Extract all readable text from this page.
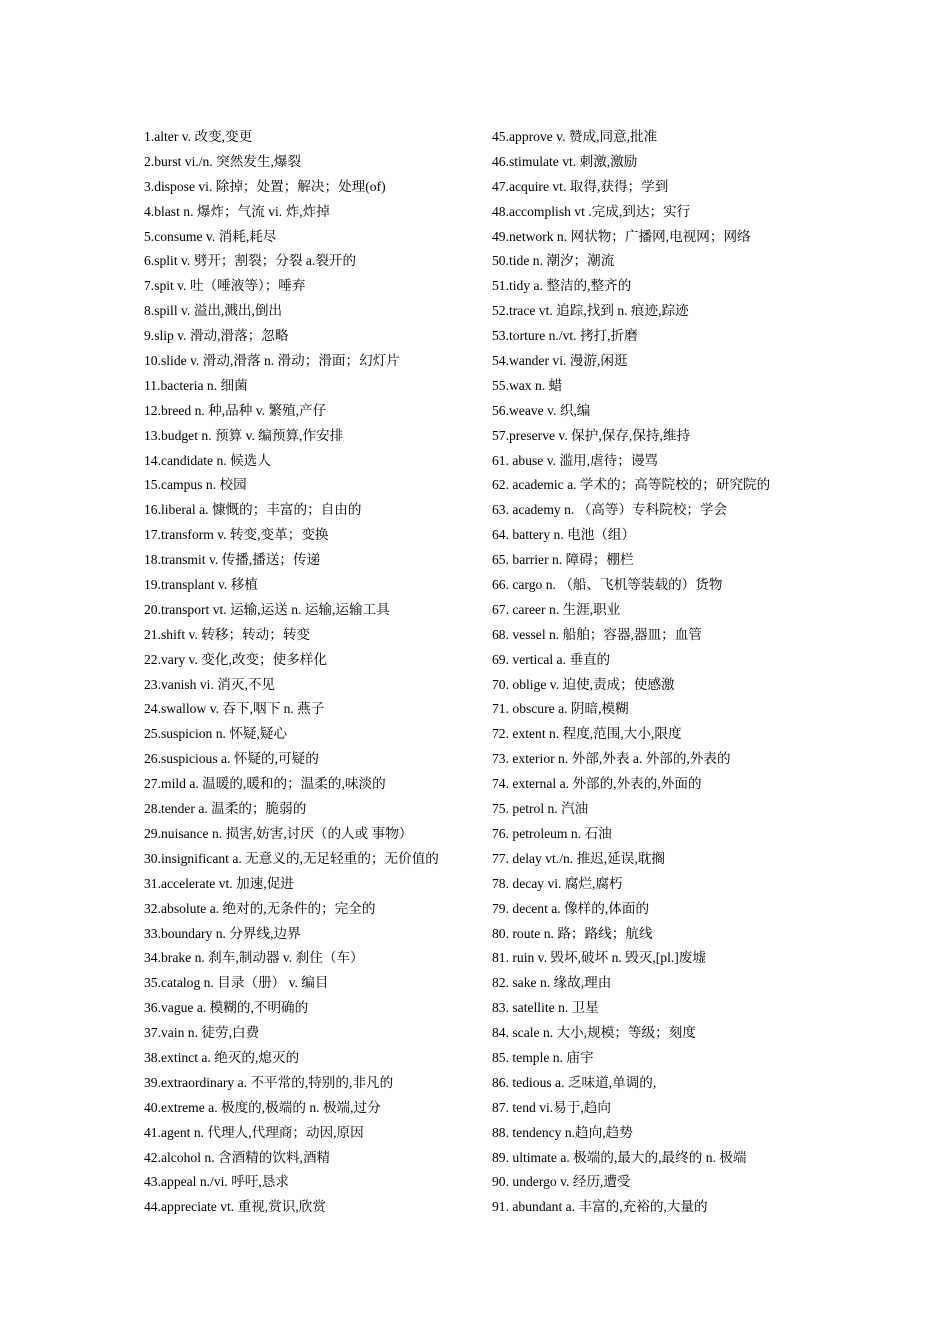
1.alter v. 改变,变更
2.burst vi./n. 突然发生,爆裂
3.dispose vi. 除掉；处置；解决；处理(of)
4.blast n. 爆炸；气流 vi. 炸,炸掉
5.consume v. 消耗,耗尽
6.split v. 劈开；割裂；分裂 a.裂开的
7.spit v. 吐（唾液等）；唾弃
8.spill v. 溢出,溅出,倒出
9.slip v. 滑动,滑落；忽略
10.slide v. 滑动,滑落 n. 滑动；滑面；幻灯片
11.bacteria n. 细菌
12.breed n. 种,品种 v. 繁殖,产仔
13.budget n. 预算 v. 编预算,作安排
14.candidate n. 候选人
15.campus n. 校园
16.liberal a. 慷慨的；丰富的；自由的
17.transform v. 转变,变革；变换
18.transmit v. 传播,播送；传递
19.transplant v. 移植
20.transport vt. 运输,运送 n. 运输,运输工具
21.shift v. 转移；转动；转变
22.vary v. 变化,改变；使多样化
23.vanish vi. 消灭,不见
24.swallow v. 吞下,咽下 n. 燕子
25.suspicion n. 怀疑,疑心
26.suspicious a. 怀疑的,可疑的
27.mild a. 温暖的,暖和的；温柔的,味淡的
28.tender a. 温柔的；脆弱的
29.nuisance n. 损害,妨害,讨厌（的人或 事物）
30.insignificant a. 无意义的,无足轻重的；无价值的
31.accelerate vt. 加速,促进
32.absolute a. 绝对的,无条件的；完全的
33.boundary n. 分界线,边界
34.brake n. 刹车,制动器 v. 刹住（车）
35.catalog n. 目录（册） v. 编目
36.vague a. 模糊的,不明确的
37.vain n. 徒劳,白费
38.extinct a. 绝灭的,熄灭的
39.extraordinary a. 不平常的,特别的,非凡的
40.extreme a. 极度的,极端的 n. 极端,过分
41.agent n. 代理人,代理商；动因,原因
42.alcohol n. 含酒精的饮料,酒精
43.appeal n./vi. 呼吁,恳求
44.appreciate vt. 重视,赏识,欣赏
45.approve v. 赞成,同意,批准
46.stimulate vt. 刺激,激励
47.acquire vt. 取得,获得；学到
48.accomplish vt .完成,到达；实行
49.network n. 网状物；广播网,电视网；网络
50.tide n. 潮汐；潮流
51.tidy a. 整洁的,整齐的
52.trace vt. 追踪,找到 n. 痕迹,踪迹
53.torture n./vt. 拷打,折磨
54.wander vi. 漫游,闲逛
55.wax n. 蜡
56.weave v. 织,编
57.preserve v. 保护,保存,保持,维持
61. abuse v. 滥用,虐待；谩骂
62. academic a. 学术的；高等院校的；研究院的
63. academy n. （高等）专科院校；学会
64. battery n. 电池（组）
65. barrier n. 障碍；棚栏
66. cargo n. （船、飞机等装载的）货物
67. career n. 生涯,职业
68. vessel n. 船舶；容器,器皿；血管
69. vertical a. 垂直的
70. oblige v. 迫使,责成；使感激
71. obscure a. 阴暗,模糊
72. extent n. 程度,范围,大小,限度
73. exterior n. 外部,外表 a. 外部的,外表的
74. external a. 外部的,外表的,外面的
75. petrol n. 汽油
76. petroleum n. 石油
77. delay vt./n. 推迟,延误,耽搁
78. decay vi. 腐烂,腐朽
79. decent a. 像样的,体面的
80. route n. 路；路线；航线
81. ruin v. 毁坏,破坏 n. 毁灭,[pl.]废墟
82. sake n. 缘故,理由
83. satellite n. 卫星
84. scale n. 大小,规模；等级；刻度
85. temple n. 庙宇
86. tedious a. 乏味道,单调的,
87. tend vi.易于,趋向
88. tendency n.趋向,趋势
89. ultimate a. 极端的,最大的,最终的 n. 极端
90. undergo v. 经历,遭受
91. abundant a. 丰富的,充裕的,大量的
